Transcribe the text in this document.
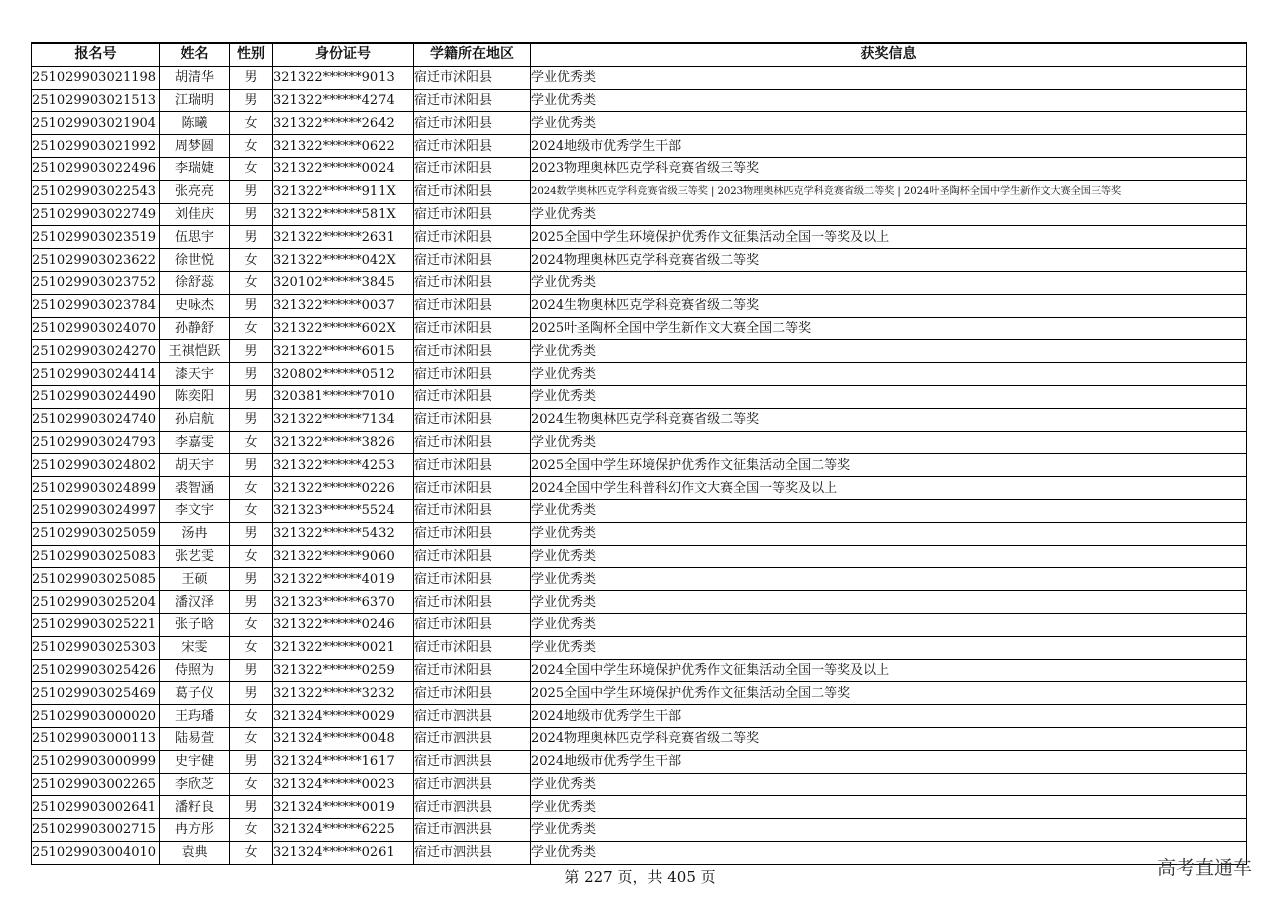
报名号	姓名	性别	身份证号	学籍所在地区	获奖信息
251029903021198	胡清华	男	321322******9013	宿迁市沭阳县	学业优秀类
251029903021513	江瑞明	男	321322******4274	宿迁市沭阳县	学业优秀类
251029903021904	陈曦	女	321322******2642	宿迁市沭阳县	学业优秀类
251029903021992	周梦圆	女	321322******0622	宿迁市沭阳县	2024地级市优秀学生干部
251029903022496	李瑞婕	女	321322******0024	宿迁市沭阳县	2023物理奥林匹克学科竞赛省级三等奖
251029903022543	张亮亮	男	321322******911X	宿迁市沭阳县	2024数学奥林匹克学科竞赛省级三等奖 | 2023物理奥林匹克学科竞赛省级二等奖 | 2024叶圣陶杯全国中学生新作文大赛全国三等奖
251029903022749	刘佳庆	男	321322******581X	宿迁市沭阳县	学业优秀类
251029903023519	伍思宇	男	321322******2631	宿迁市沭阳县	2025全国中学生环境保护优秀作文征集活动全国一等奖及以上
251029903023622	徐世悦	女	321322******042X	宿迁市沭阳县	2024物理奥林匹克学科竞赛省级二等奖
251029903023752	徐舒蕊	女	320102******3845	宿迁市沭阳县	学业优秀类
251029903023784	史咏杰	男	321322******0037	宿迁市沭阳县	2024生物奥林匹克学科竞赛省级二等奖
251029903024070	孙静舒	女	321322******602X	宿迁市沭阳县	2025叶圣陶杯全国中学生新作文大赛全国二等奖
251029903024270	王祺恺跃	男	321322******6015	宿迁市沭阳县	学业优秀类
251029903024414	漆天宇	男	320802******0512	宿迁市沭阳县	学业优秀类
251029903024490	陈奕阳	男	320381******7010	宿迁市沭阳县	学业优秀类
251029903024740	孙启航	男	321322******7134	宿迁市沭阳县	2024生物奥林匹克学科竞赛省级二等奖
251029903024793	李嘉雯	女	321322******3826	宿迁市沭阳县	学业优秀类
251029903024802	胡天宇	男	321322******4253	宿迁市沭阳县	2025全国中学生环境保护优秀作文征集活动全国二等奖
251029903024899	裘智涵	女	321322******0226	宿迁市沭阳县	2024全国中学生科普科幻作文大赛全国一等奖及以上
251029903024997	李文宇	女	321323******5524	宿迁市沭阳县	学业优秀类
251029903025059	汤冉	男	321322******5432	宿迁市沭阳县	学业优秀类
251029903025083	张艺雯	女	321322******9060	宿迁市沭阳县	学业优秀类
251029903025085	王硕	男	321322******4019	宿迁市沭阳县	学业优秀类
251029903025204	潘汉泽	男	321323******6370	宿迁市沭阳县	学业优秀类
251029903025221	张子晗	女	321322******0246	宿迁市沭阳县	学业优秀类
251029903025303	宋雯	女	321322******0021	宿迁市沭阳县	学业优秀类
251029903025426	侍照为	男	321322******0259	宿迁市沭阳县	2024全国中学生环境保护优秀作文征集活动全国一等奖及以上
251029903025469	葛子仪	男	321322******3232	宿迁市沭阳县	2025全国中学生环境保护优秀作文征集活动全国二等奖
251029903000020	王玙璠	女	321324******0029	宿迁市泗洪县	2024地级市优秀学生干部
251029903000113	陆易萱	女	321324******0048	宿迁市泗洪县	2024物理奥林匹克学科竞赛省级二等奖
251029903000999	史宇健	男	321324******1617	宿迁市泗洪县	2024地级市优秀学生干部
251029903002265	李欣芝	女	321324******0023	宿迁市泗洪县	学业优秀类
251029903002641	潘籽良	男	321324******0019	宿迁市泗洪县	学业优秀类
251029903002715	冉方彤	女	321324******6225	宿迁市泗洪县	学业优秀类
251029903004010	袁典	女	321324******0261	宿迁市泗洪县	学业优秀类
第 227 页，共 405 页	高考直通车
